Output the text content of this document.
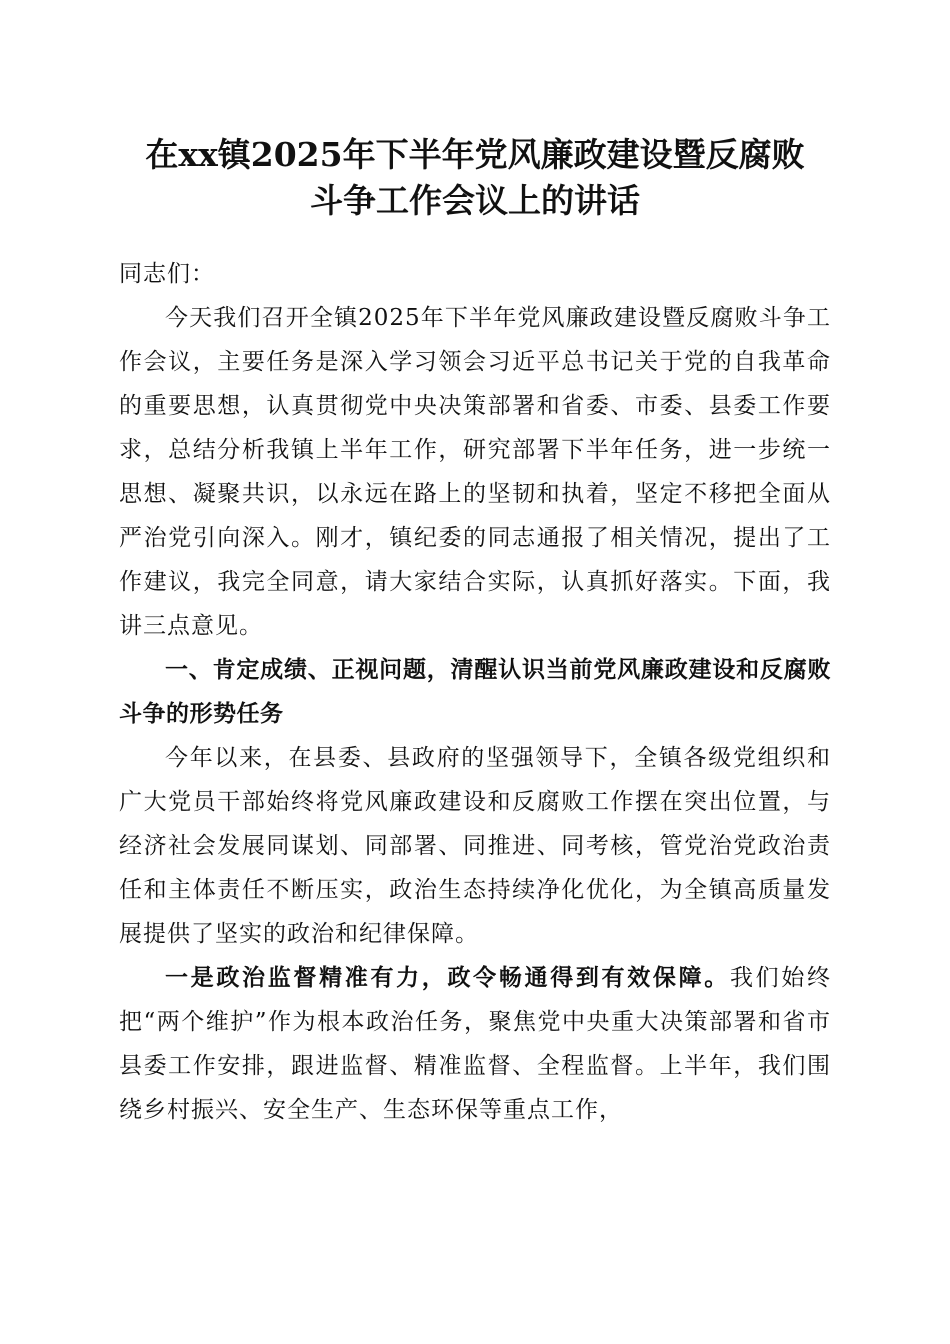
在xx镇2025年下半年党风廉政建设暨反腐败
斗争工作会议上的讲话

同志们：

今天我们召开全镇2025年下半年党风廉政建设暨反腐败斗争工作会议，主要任务是深入学习领会习近平总书记关于党的自我革命的重要思想，认真贯彻党中央决策部署和省委、市委、县委工作要求，总结分析我镇上半年工作，研究部署下半年任务，进一步统一思想、凝聚共识，以永远在路上的坚韧和执着，坚定不移把全面从严治党引向深入。刚才，镇纪委的同志通报了相关情况，提出了工作建议，我完全同意，请大家结合实际，认真抓好落实。下面，我讲三点意见。

一、肯定成绩、正视问题，清醒认识当前党风廉政建设和反腐败斗争的形势任务

今年以来，在县委、县政府的坚强领导下，全镇各级党组织和广大党员干部始终将党风廉政建设和反腐败工作摆在突出位置，与经济社会发展同谋划、同部署、同推进、同考核，管党治党政治责任和主体责任不断压实，政治生态持续净化优化，为全镇高质量发展提供了坚实的政治和纪律保障。

一是政治监督精准有力，政令畅通得到有效保障。我们始终把“两个维护”作为根本政治任务，聚焦党中央重大决策部署和省市县委工作安排，跟进监督、精准监督、全程监督。上半年，我们围绕乡村振兴、安全生产、生态环保等重点工作，
